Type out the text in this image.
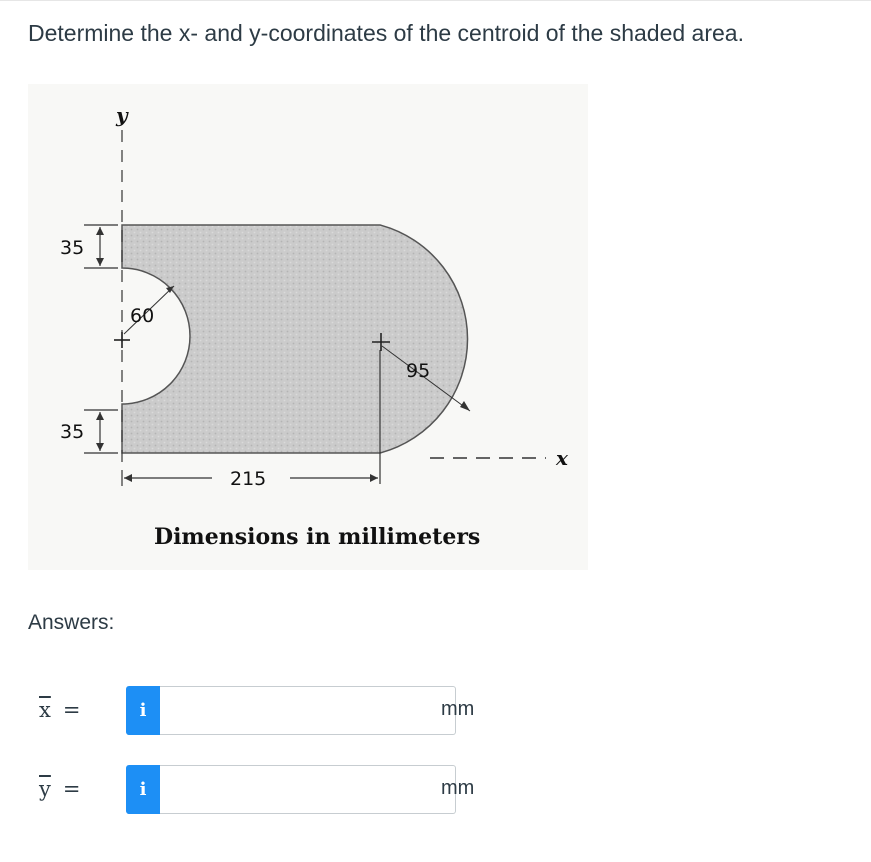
Determine the x- and y-coordinates of the centroid of the shaded area.
y
x
35
35
60
95
215
Dimensions in millimeters
Answers:
$\overline{x}$ =	i	mm
$\overline{y}$ =	i	mm
